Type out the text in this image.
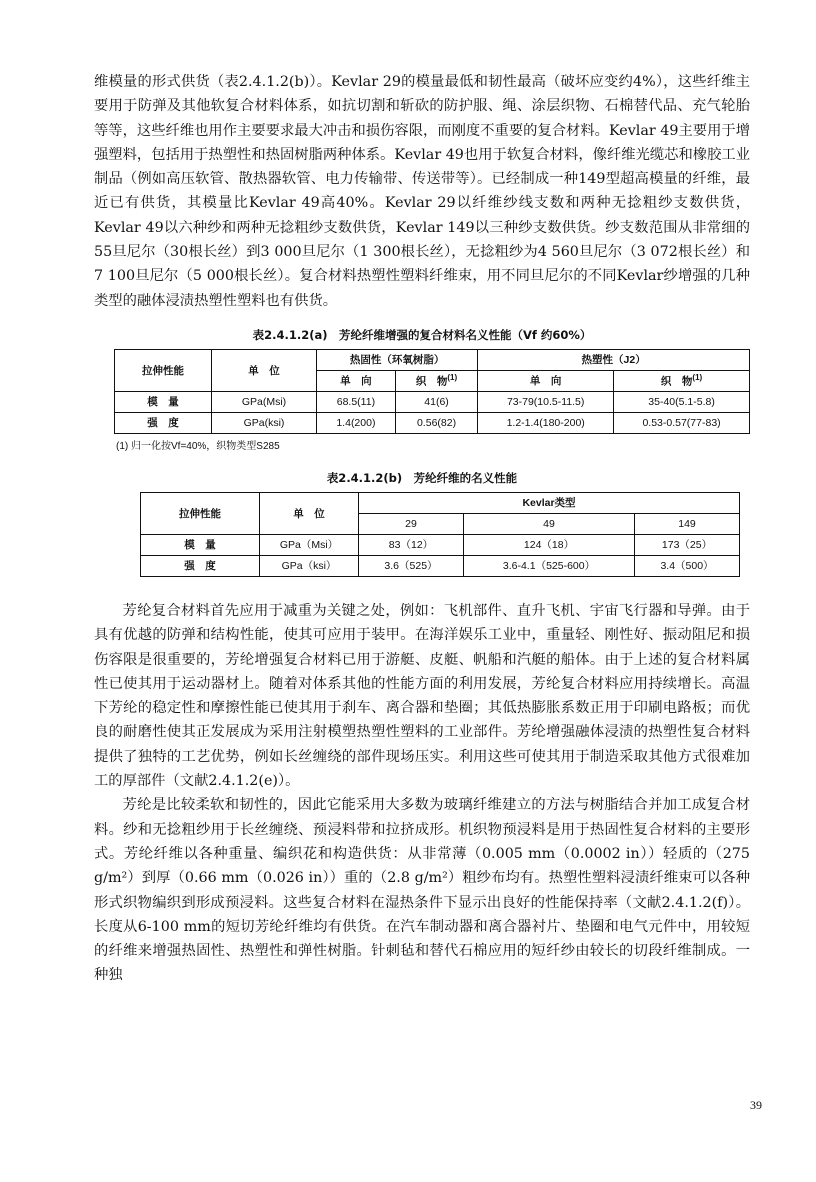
维模量的形式供货（表2.4.1.2(b)）。Kevlar 29的模量最低和韧性最高（破坏应变约4%），这些纤维主要用于防弹及其他软复合材料体系，如抗切割和斩砍的防护服、绳、涂层织物、石棉替代品、充气轮胎等等，这些纤维也用作主要要求最大冲击和损伤容限，而刚度不重要的复合材料。Kevlar 49主要用于增强塑料，包括用于热塑性和热固树脂两种体系。Kevlar 49也用于软复合材料，像纤维光缆芯和橡胶工业制品（例如高压软管、散热器软管、电力传输带、传送带等）。已经制成一种149型超高模量的纤维，最近已有供货，其模量比Kevlar 49高40%。Kevlar 29以纤维纱线支数和两种无捻粗纱支数供货，Kevlar 49以六种纱和两种无捻粗纱支数供货，Kevlar 149以三种纱支数供货。纱支数范围从非常细的55旦尼尔（30根长丝）到3 000旦尼尔（1 300根长丝），无捻粗纱为4 560旦尼尔（3 072根长丝）和7 100旦尼尔（5 000根长丝）。复合材料热塑性塑料纤维束，用不同旦尼尔的不同Kevlar纱增强的几种类型的融体浸渍热塑性塑料也有供货。

表2.4.1.2(a)　芳纶纤维增强的复合材料名义性能（Vf 约60%）
拉伸性能	单　位	热固性（环氧树脂）		热塑性（J2）	
		单　向	织　物$^{(1)}$	单　向	织　物$^{(1)}$
模　量	GPa(Msi)	68.5(11)	41(6)	73-79(10.5-11.5)	35-40(5.1-5.8)
强　度	GPa(ksi)	1.4(200)	0.56(82)	1.2-1.4(180-200)	0.53-0.57(77-83)
(1) 归一化按Vf=40%，织物类型S285
表2.4.1.2(b)　芳纶纤维的名义性能
拉伸性能	单　位	Kevlar类型		
		29	49	149
模　量	GPa（Msi）	83（12）	124（18）	173（25）
强　度	GPa（ksi）	3.6（525）	3.6-4.1（525-600）	3.4（500）

芳纶复合材料首先应用于减重为关键之处，例如：飞机部件、直升飞机、宇宙飞行器和导弹。由于具有优越的防弹和结构性能，使其可应用于装甲。在海洋娱乐工业中，重量轻、刚性好、振动阻尼和损伤容限是很重要的，芳纶增强复合材料已用于游艇、皮艇、帆船和汽艇的船体。由于上述的复合材料属性已使其用于运动器材上。随着对体系其他的性能方面的利用发展，芳纶复合材料应用持续增长。高温下芳纶的稳定性和摩擦性能已使其用于刹车、离合器和垫圈；其低热膨胀系数正用于印刷电路板；而优良的耐磨性使其正发展成为采用注射模塑热塑性塑料的工业部件。芳纶增强融体浸渍的热塑性复合材料提供了独特的工艺优势，例如长丝缠绕的部件现场压实。利用这些可使其用于制造采取其他方式很难加工的厚部件（文献2.4.1.2(e)）。

芳纶是比较柔软和韧性的，因此它能采用大多数为玻璃纤维建立的方法与树脂结合并加工成复合材料。纱和无捻粗纱用于长丝缠绕、预浸料带和拉挤成形。机织物预浸料是用于热固性复合材料的主要形式。芳纶纤维以各种重量、编织花和构造供货：从非常薄（0.005 mm（0.0002 in））轻质的（275 g/m²）到厚（0.66 mm（0.026 in））重的（2.8 g/m²）粗纱布均有。热塑性塑料浸渍纤维束可以各种形式织物编织到形成预浸料。这些复合材料在湿热条件下显示出良好的性能保持率（文献2.4.1.2(f)）。长度从6-100 mm的短切芳纶纤维均有供货。在汽车制动器和离合器衬片、垫圈和电气元件中，用较短的纤维来增强热固性、热塑性和弹性树脂。针刺毡和替代石棉应用的短纤纱由较长的切段纤维制成。一种独

39
